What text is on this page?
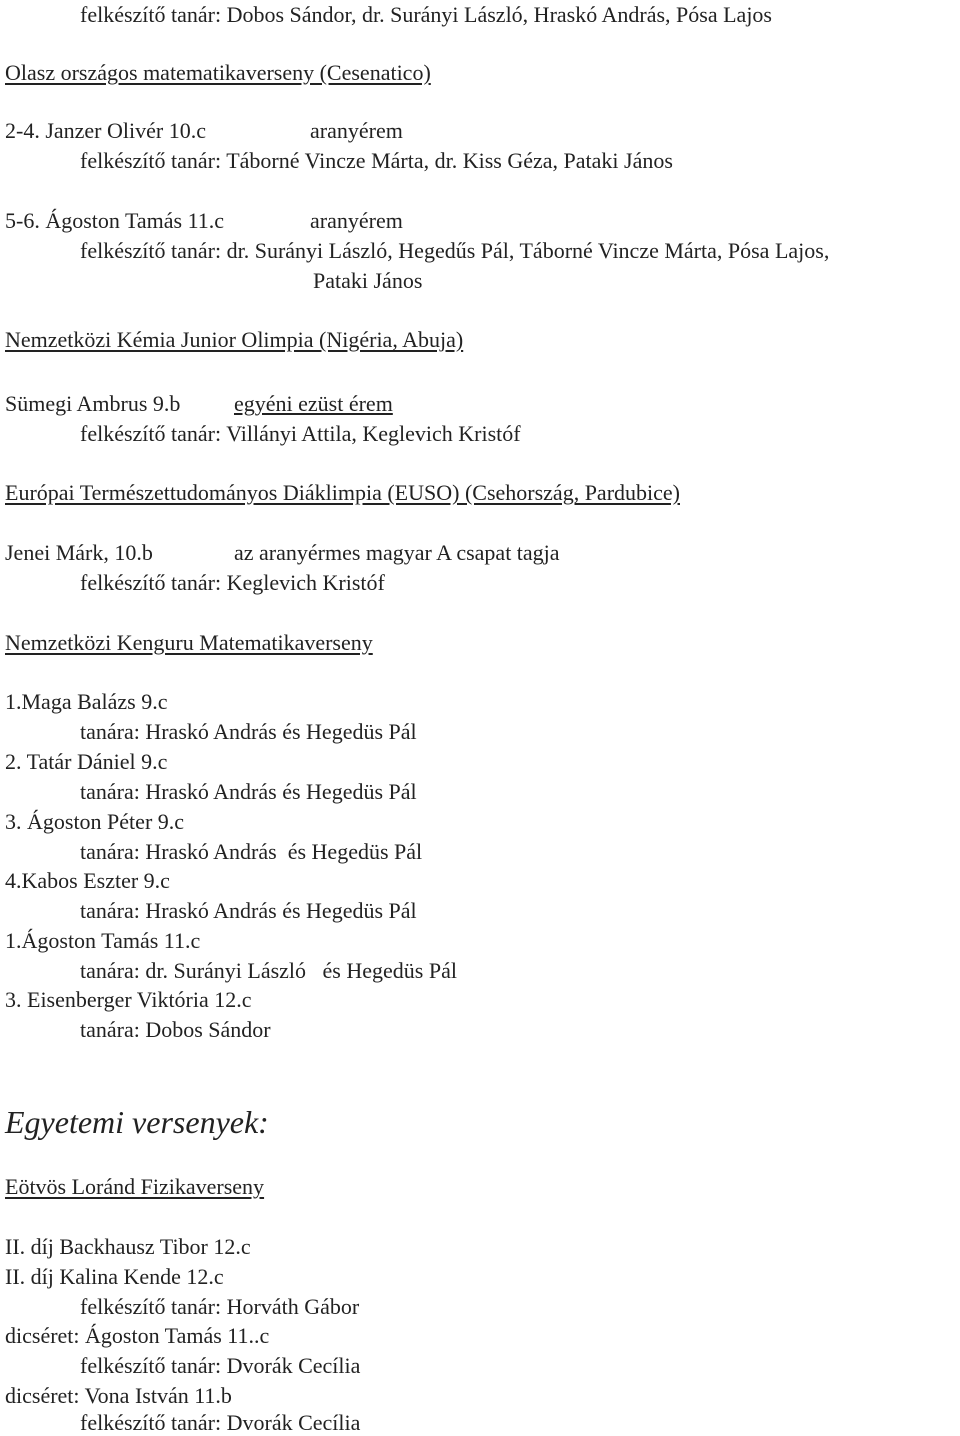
felkészítő tanár: Dobos Sándor, dr. Surányi László, Hraskó András, Pósa Lajos
Olasz országos matematikaverseny (Cesenatico)
2-4. Janzer Olivér 10.c	aranyérem
felkészítő tanár: Táborné Vincze Márta, dr. Kiss Géza, Pataki János
5-6. Ágoston Tamás 11.c	aranyérem
felkészítő tanár: dr. Surányi László, Hegedűs Pál, Táborné Vincze Márta, Pósa Lajos,
Pataki János
Nemzetközi Kémia Junior Olimpia (Nigéria, Abuja)
Sümegi Ambrus 9.b egyéni ezüst érem
felkészítő tanár: Villányi Attila, Keglevich Kristóf
Európai Természettudományos Diáklimpia (EUSO) (Csehország, Pardubice)
Jenei Márk, 10.b	az aranyérmes magyar A csapat tagja
felkészítő tanár: Keglevich Kristóf
Nemzetközi Kenguru Matematikaverseny
1.Maga Balázs 9.c
tanára: Hraskó András és Hegedüs Pál
2. Tatár Dániel 9.c
tanára: Hraskó András és Hegedüs Pál
3. Ágoston Péter 9.c
tanára: Hraskó András  és Hegedüs Pál
4.Kabos Eszter 9.c
tanára: Hraskó András és Hegedüs Pál
1.Ágoston Tamás 11.c
tanára: dr. Surányi László   és Hegedüs Pál
3. Eisenberger Viktória 12.c
tanára: Dobos Sándor
Egyetemi versenyek:
Eötvös Loránd Fizikaverseny
II. díj Backhausz Tibor 12.c
II. díj Kalina Kende 12.c
felkészítő tanár: Horváth Gábor
dicséret: Ágoston Tamás 11..c
felkészítő tanár: Dvorák Cecília
dicséret: Vona István 11.b
felkészítő tanár: Dvorák Cecília
